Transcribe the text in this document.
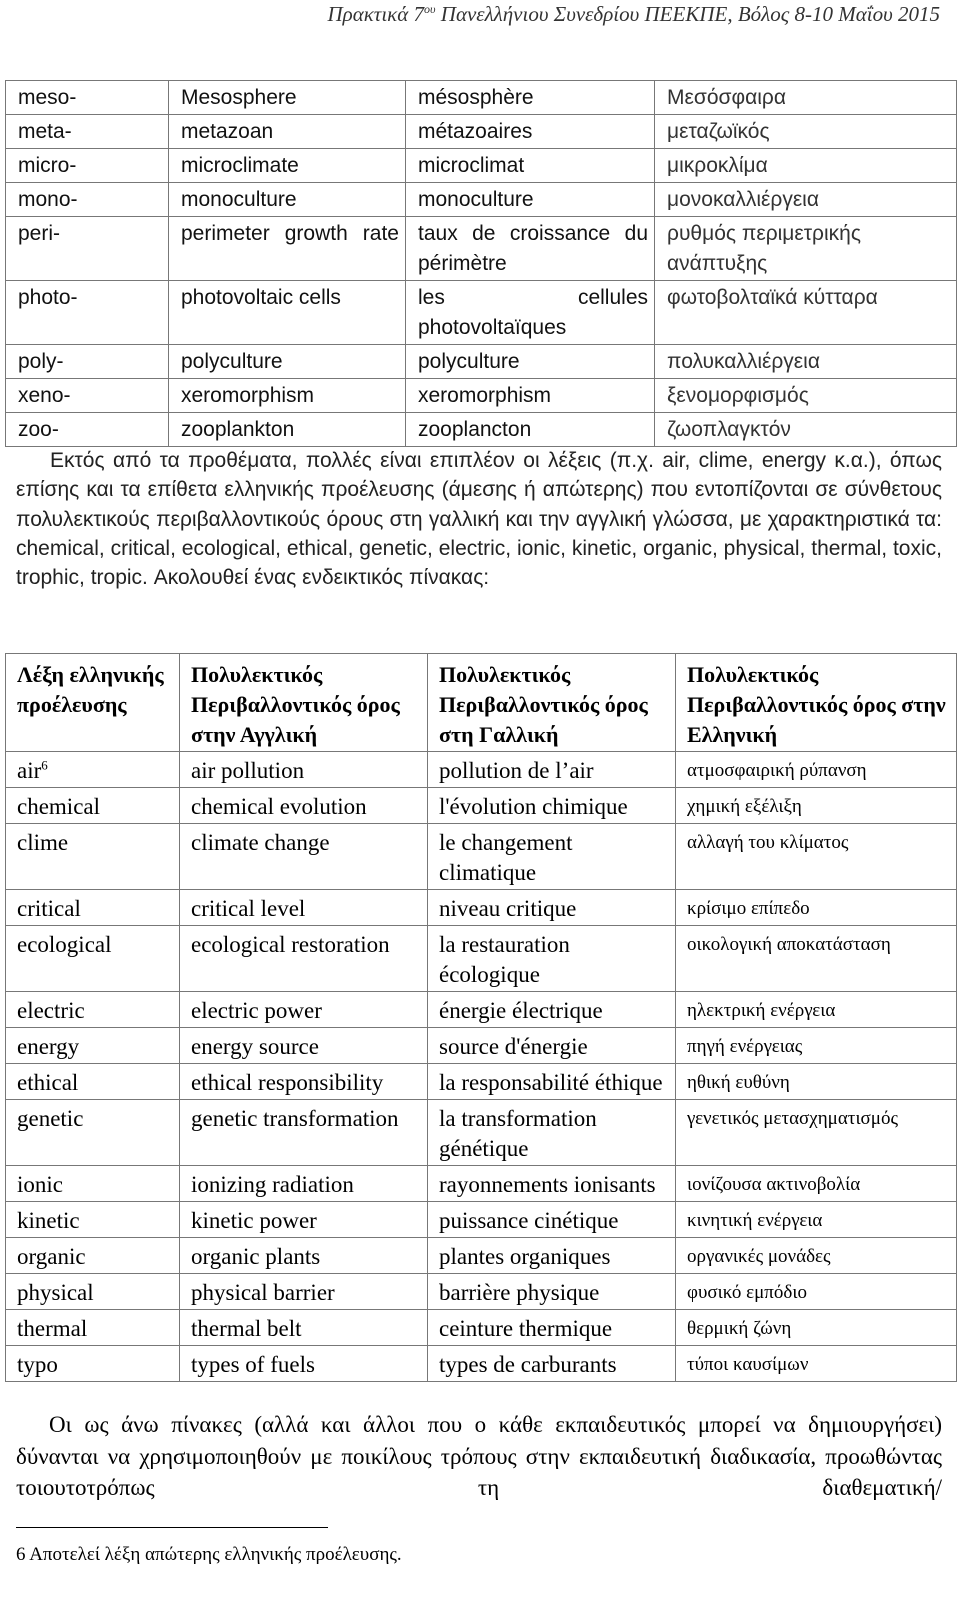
Πρακτικά $7^{o\upsilon}$ Πανελλήνιου Συνεδρίου ΠΕΕΚΠΕ, Βόλος 8-10 Μαΐου 2015
meso-	Mesosphere	mésosphère	Μεσόσφαιρα
meta-	metazoan	métazoaires	μεταζωϊκός
micro-	microclimate	microclimat	μικροκλίμα
mono-	monoculture	monoculture	μονοκαλλιέργεια
peri-	perimeter growth rate	taux de croissance du périmètre	ρυθμός περιμετρικής ανάπτυξης
photo-	photovoltaic cells	les cellules photovoltaïques	φωτοβολταϊκά κύτταρα
poly-	polyculture	polyculture	πολυκαλλιέργεια
xeno-	xeromorphism	xeromorphism	ξενομορφισμός
zoo-	zooplankton	zooplancton	ζωοπλαγκτόν

Εκτός από τα προθέματα, πολλές είναι επιπλέον οι λέξεις (π.χ. air, clime, energy κ.α.), όπως επίσης και τα επίθετα ελληνικής προέλευσης (άμεσης ή απώτερης) που εντοπίζονται σε σύνθετους πολυλεκτικούς περιβαλλοντικούς όρους στη γαλλική και την αγγλική γλώσσα, με χαρακτηριστικά τα: chemical, critical, ecological, ethical, genetic, electric, ionic, kinetic, organic, physical, thermal, toxic, trophic, tropic. Ακολουθεί ένας ενδεικτικός πίνακας:

Λέξη ελληνικής προέλευσης	Πολυλεκτικός Περιβαλλοντικός όρος στην Αγγλική	Πολυλεκτικός Περιβαλλοντικός όρος στη Γαλλική	Πολυλεκτικός Περιβαλλοντικός όρος στην Ελληνική
air$^6$	air pollution	pollution de l’air	ατμοσφαιρική ρύπανση
chemical	chemical evolution	l'évolution chimique	χημική εξέλιξη
clime	climate change	le changement climatique	αλλαγή του κλίματος
critical	critical level	niveau critique	κρίσιμο επίπεδο
ecological	ecological restoration	la restauration écologique	οικολογική αποκατάσταση
electric	electric power	énergie électrique	ηλεκτρική ενέργεια
energy	energy source	source d'énergie	πηγή ενέργειας
ethical	ethical responsibility	la responsabilité éthique	ηθική ευθύνη
genetic	genetic transformation	la transformation génétique	γενετικός μετασχηματισμός
ionic	ionizing radiation	rayonnements ionisants	ιονίζουσα ακτινοβολία
kinetic	kinetic power	puissance cinétique	κινητική ενέργεια
organic	organic plants	plantes organiques	οργανικές μονάδες
physical	physical barrier	barrière physique	φυσικό εμπόδιο
thermal	thermal belt	ceinture thermique	θερμική ζώνη
typo	types of fuels	types de carburants	τύποι καυσίμων

Οι ως άνω πίνακες (αλλά και άλλοι που ο κάθε εκπαιδευτικός μπορεί να δημιουργήσει) δύνανται να χρησιμοποιηθούν με ποικίλους τρόπους στην εκπαιδευτική διαδικασία, προωθώντας τοιουτοτρόπως τη διαθεματική/

6 Αποτελεί λέξη απώτερης ελληνικής προέλευσης.
